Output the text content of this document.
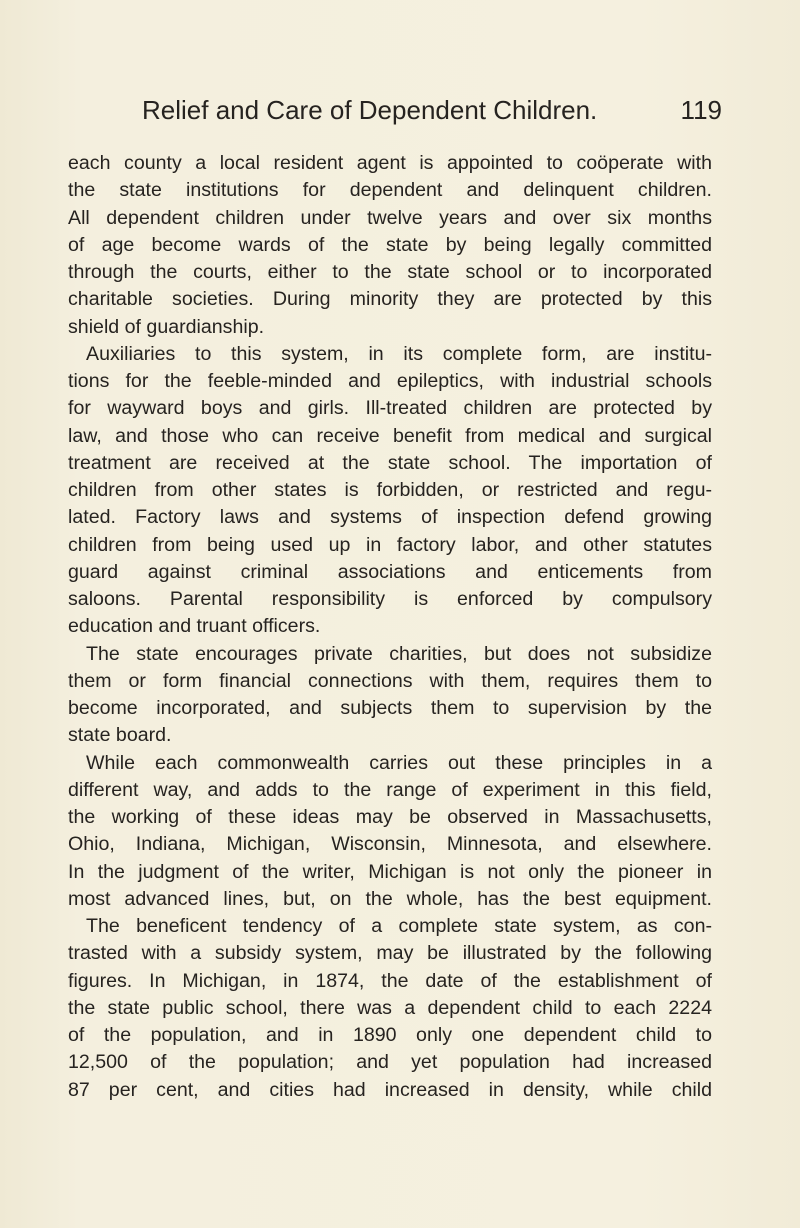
Relief and Care of Dependent Children.	119
each county a local resident agent is appointed to coöperate with
the state institutions for dependent and delinquent children.
All dependent children under twelve years and over six months
of age become wards of the state by being legally committed
through the courts, either to the state school or to incorporated
charitable societies. During minority they are protected by this
shield of guardianship.
Auxiliaries to this system, in its complete form, are institu-
tions for the feeble-minded and epileptics, with industrial schools
for wayward boys and girls. Ill-treated children are protected by
law, and those who can receive benefit from medical and surgical
treatment are received at the state school. The importation of
children from other states is forbidden, or restricted and regu-
lated. Factory laws and systems of inspection defend growing
children from being used up in factory labor, and other statutes
guard against criminal associations and enticements from
saloons. Parental responsibility is enforced by compulsory
education and truant officers.
The state encourages private charities, but does not subsidize
them or form financial connections with them, requires them to
become incorporated, and subjects them to supervision by the
state board.
While each commonwealth carries out these principles in a
different way, and adds to the range of experiment in this field,
the working of these ideas may be observed in Massachusetts,
Ohio, Indiana, Michigan, Wisconsin, Minnesota, and elsewhere.
In the judgment of the writer, Michigan is not only the pioneer in
most advanced lines, but, on the whole, has the best equipment.
The beneficent tendency of a complete state system, as con-
trasted with a subsidy system, may be illustrated by the following
figures. In Michigan, in 1874, the date of the establishment of
the state public school, there was a dependent child to each 2224
of the population, and in 1890 only one dependent child to
12,500 of the population; and yet population had increased
87 per cent, and cities had increased in density, while child
